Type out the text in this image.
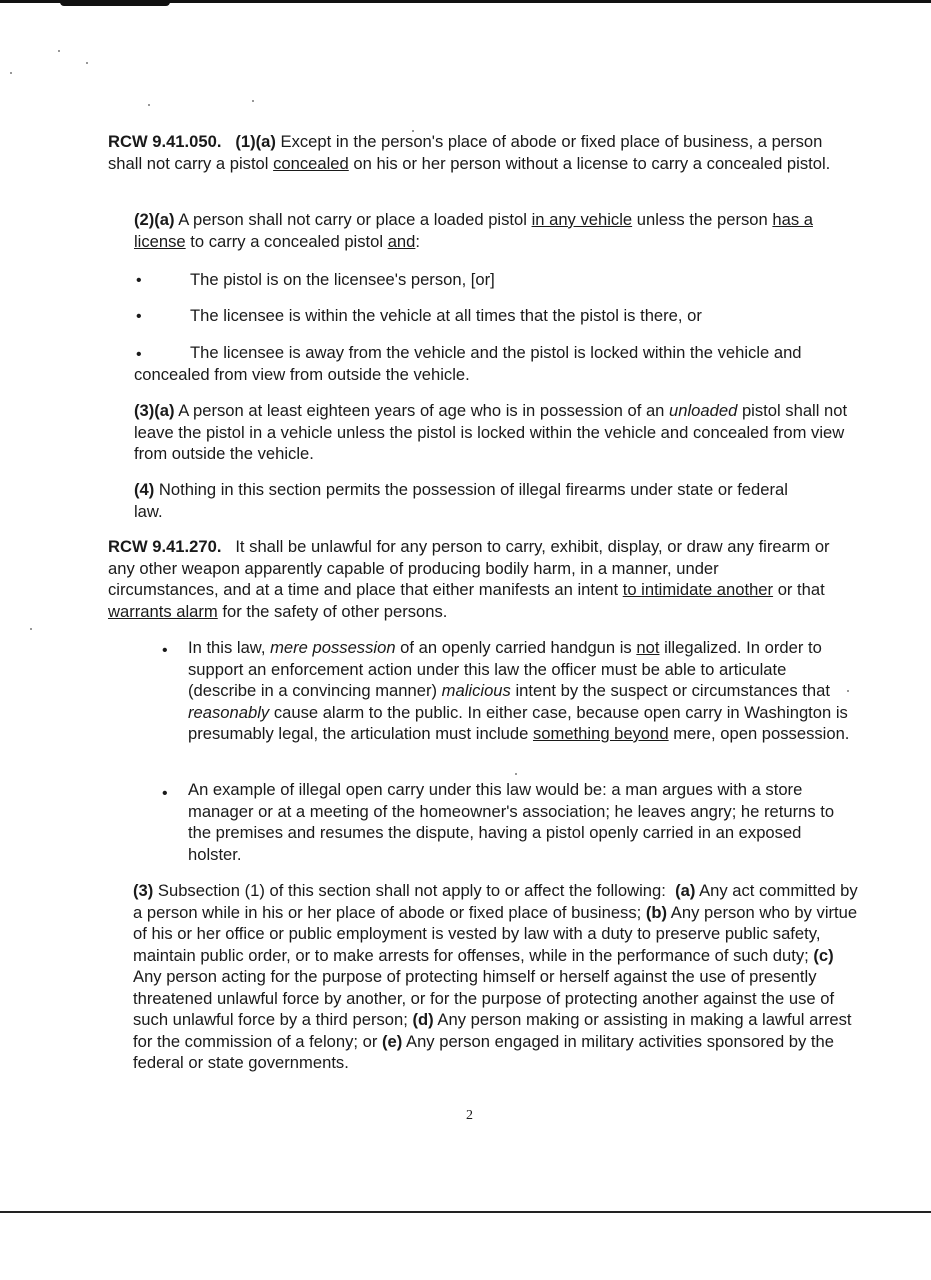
RCW 9.41.050.   (1)(a) Except in the person's place of abode or fixed place of business, a person shall not carry a pistol concealed on his or her person without a license to carry a concealed pistol.

(2)(a) A person shall not carry or place a loaded pistol in any vehicle unless the person has a license to carry a concealed pistol and:

•	The pistol is on the licensee's person, [or]

•	The licensee is within the vehicle at all times that the pistol is there, or

•	The licensee is away from the vehicle and the pistol is locked within the vehicle and concealed from view from outside the vehicle.

(3)(a) A person at least eighteen years of age who is in possession of an unloaded pistol shall not leave the pistol in a vehicle unless the pistol is locked within the vehicle and concealed from view from outside the vehicle.

(4) Nothing in this section permits the possession of illegal firearms under state or federal law.

RCW 9.41.270.   It shall be unlawful for any person to carry, exhibit, display, or draw any firearm or any other weapon apparently capable of producing bodily harm, in a manner, under circumstances, and at a time and place that either manifests an intent to intimidate another or that warrants alarm for the safety of other persons.

• In this law, mere possession of an openly carried handgun is not illegalized. In order to support an enforcement action under this law the officer must be able to articulate (describe in a convincing manner) malicious intent by the suspect or circumstances that reasonably cause alarm to the public. In either case, because open carry in Washington is presumably legal, the articulation must include something beyond mere, open possession.

• An example of illegal open carry under this law would be: a man argues with a store manager or at a meeting of the homeowner's association; he leaves angry; he returns to the premises and resumes the dispute, having a pistol openly carried in an exposed holster.

(3) Subsection (1) of this section shall not apply to or affect the following: (a) Any act committed by a person while in his or her place of abode or fixed place of business; (b) Any person who by virtue of his or her office or public employment is vested by law with a duty to preserve public safety, maintain public order, or to make arrests for offenses, while in the performance of such duty; (c) Any person acting for the purpose of protecting himself or herself against the use of presently threatened unlawful force by another, or for the purpose of protecting another against the use of such unlawful force by a third person; (d) Any person making or assisting in making a lawful arrest for the commission of a felony; or (e) Any person engaged in military activities sponsored by the federal or state governments.

2
